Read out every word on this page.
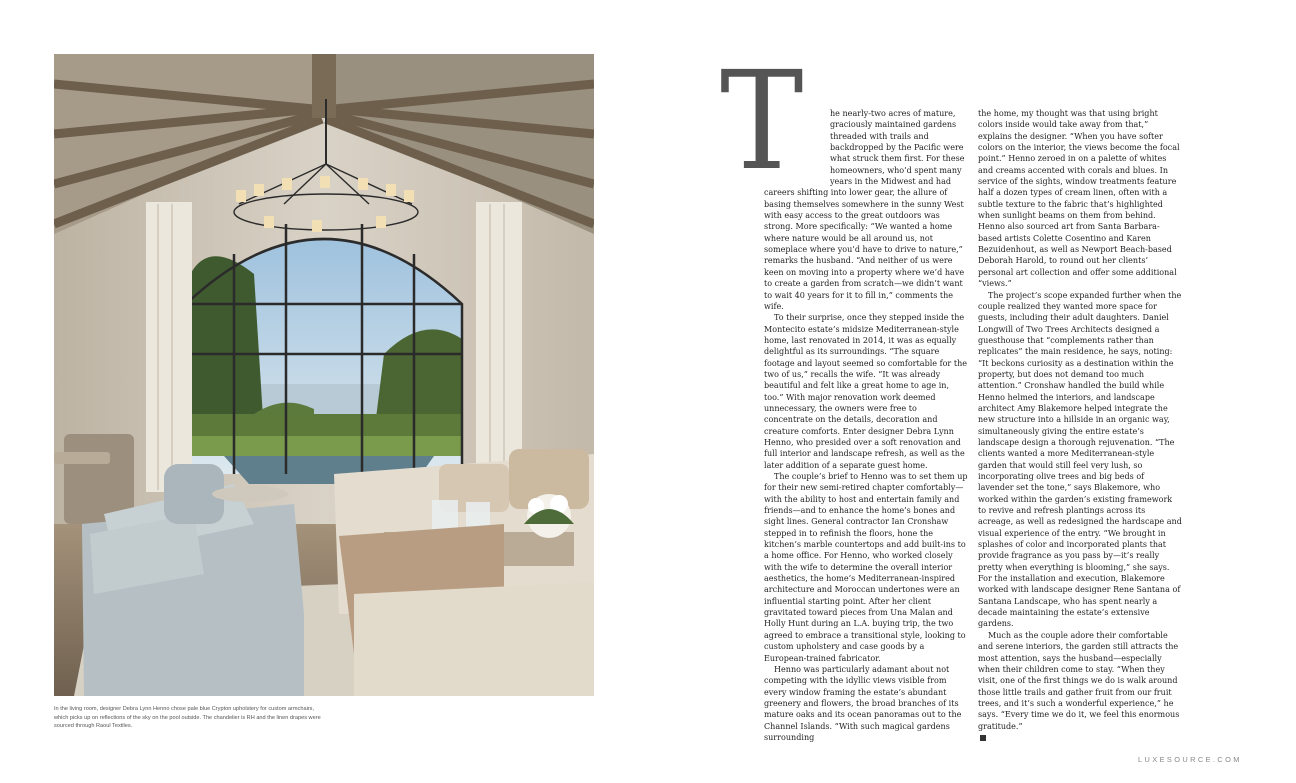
In the living room, designer Debra Lynn Henno chose pale blue Crypton upholstery for custom armchairs, which picks up on reflections of the sky on the pool outside. The chandelier is RH and the linen drapes were sourced through Raoul Textiles.
T	he nearly-two acres of mature, graciously maintained gardens threaded with trails and backdropped by the Pacific were what struck them first. For these homeowners, who’d spent many years in the Midwest and had careers shifting into lower gear, the allure of basing themselves somewhere in the sunny West with easy access to the great outdoors was strong. More specifically: “We wanted a home where nature would be all around us, not someplace where you’d have to drive to nature,” remarks the husband. “And neither of us were keen on moving into a property where we’d have to create a garden from scratch—we didn’t want to wait 40 years for it to fill in,” comments the wife.

To their surprise, once they stepped inside the Montecito estate’s midsize Mediterranean-style home, last renovated in 2014, it was as equally delightful as its surroundings. “The square footage and layout seemed so comfortable for the two of us,” recalls the wife. “It was already beautiful and felt like a great home to age in, too.” With major renovation work deemed unnecessary, the owners were free to concentrate on the details, decoration and creature comforts. Enter designer Debra Lynn Henno, who presided over a soft renovation and full interior and landscape refresh, as well as the later addition of a separate guest home.

The couple’s brief to Henno was to set them up for their new semi-retired chapter comfortably—with the ability to host and entertain family and friends—and to enhance the home’s bones and sight lines. General contractor Ian Cronshaw stepped in to refinish the floors, hone the kitchen’s marble countertops and add built-ins to a home office. For Henno, who worked closely with the wife to determine the overall interior aesthetics, the home’s Mediterranean-inspired architecture and Moroccan undertones were an influential starting point. After her client gravitated toward pieces from Una Malan and Holly Hunt during an L.A. buying trip, the two agreed to embrace a transitional style, looking to custom upholstery and case goods by a European-trained fabricator.

Henno was particularly adamant about not competing with the idyllic views visible from every window framing the estate’s abundant greenery and flowers, the broad branches of its mature oaks and its ocean panoramas out to the Channel Islands. “With such magical gardens surrounding

the home, my thought was that using bright colors inside would take away from that,” explains the designer. “When you have softer colors on the interior, the views become the focal point.” Henno zeroed in on a palette of whites and creams accented with corals and blues. In service of the sights, window treatments feature half a dozen types of cream linen, often with a subtle texture to the fabric that’s highlighted when sunlight beams on them from behind. Henno also sourced art from Santa Barbara-based artists Colette Cosentino and Karen Bezuidenhout, as well as Newport Beach-based Deborah Harold, to round out her clients’ personal art collection and offer some additional “views.”

The project’s scope expanded further when the couple realized they wanted more space for guests, including their adult daughters. Daniel Longwill of Two Trees Architects designed a guesthouse that “complements rather than replicates” the main residence, he says, noting: “It beckons curiosity as a destination within the property, but does not demand too much attention.” Cronshaw handled the build while Henno helmed the interiors, and landscape architect Amy Blakemore helped integrate the new structure into a hillside in an organic way, simultaneously giving the entire estate’s landscape design a thorough rejuvenation. “The clients wanted a more Mediterranean-style garden that would still feel very lush, so incorporating olive trees and big beds of lavender set the tone,” says Blakemore, who worked within the garden’s existing framework to revive and refresh plantings across its acreage, as well as redesigned the hardscape and visual experience of the entry. “We brought in splashes of color and incorporated plants that provide fragrance as you pass by—it’s really pretty when everything is blooming,” she says. For the installation and execution, Blakemore worked with landscape designer Rene Santana of Santana Landscape, who has spent nearly a decade maintaining the estate’s extensive gardens.

Much as the couple adore their comfortable and serene interiors, the garden still attracts the most attention, says the husband—especially when their children come to stay. “When they visit, one of the first things we do is walk around those little trails and gather fruit from our fruit trees, and it’s such a wonderful experience,” he says. “Every time we do it, we feel this enormous gratitude.”

LUXESOURCE.COM
